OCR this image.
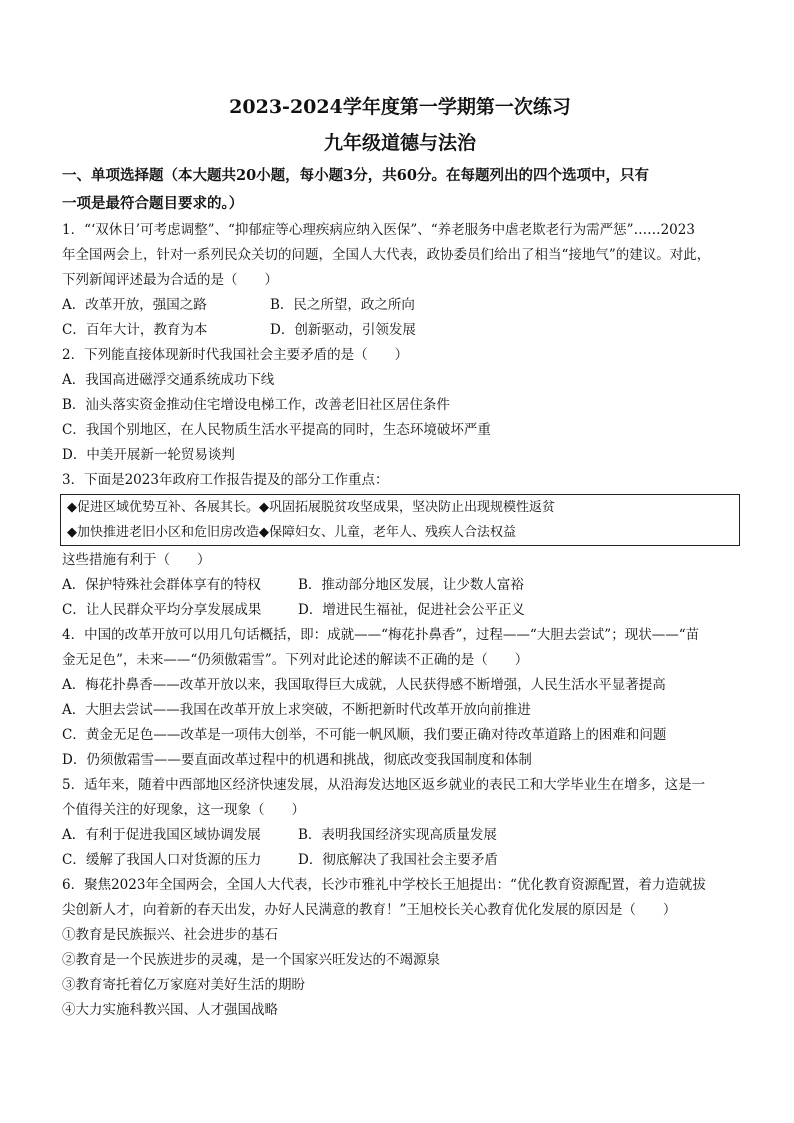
2023-2024学年度第一学期第一次练习
九年级道德与法治
一、单项选择题（本大题共20小题，每小题3分，共60分。在每题列出的四个选项中，只有
一项是最符合题目要求的。）
1．“‘双休日’可考虑调整”、“抑郁症等心理疾病应纳入医保”、“养老服务中虐老欺老行为需严惩”……2023
年全国两会上，针对一系列民众关切的问题，全国人大代表，政协委员们给出了相当“接地气”的建议。对此，
下列新闻评述最为合适的是（　　）
A．改革开放，强国之路	B．民之所望，政之所向
C．百年大计，教育为本	D．创新驱动，引领发展
2．下列能直接体现新时代我国社会主要矛盾的是（　　）
A．我国高进磁浮交通系统成功下线
B．汕头落实资金推动住宅增设电梯工作，改善老旧社区居住条件
C．我国个别地区，在人民物质生活水平提高的同时，生态环境破坏严重
D．中美开展新一轮贸易谈判
3．下面是2023年政府工作报告提及的部分工作重点：
◆促进区域优势互补、各展其长。◆巩固拓展脱贫攻坚成果，坚决防止出现规模性返贫
◆加快推进老旧小区和危旧房改造◆保障妇女、儿童，老年人、残疾人合法权益
这些措施有利于（　　）
A．保护特殊社会群体享有的特权	B．推动部分地区发展，让少数人富裕
C．让人民群众平均分享发展成果	D．增进民生福祉，促进社会公平正义
4．中国的改革开放可以用几句话概括，即：成就——“梅花扑鼻香”，过程——“大胆去尝试”；现状——“苗
金无足色”，未来——“仍须傲霜雪”。下列对此论述的解读不正确的是（　　）
A．梅花扑鼻香——改革开放以来，我国取得巨大成就，人民获得感不断增强，人民生活水平显著提高
A．大胆去尝试——我国在改革开放上求突破，不断把新时代改革开放向前推进
C．黄金无足色——改革是一项伟大创举，不可能一帆风顺，我们要正确对待改革道路上的困难和问题
D．仍须傲霜雪——要直面改革过程中的机遇和挑战，彻底改变我国制度和体制
5．适年来，随着中西部地区经济快速发展，从沿海发达地区返乡就业的表民工和大学毕业生在增多，这是一
个值得关注的好现象，这一现象（　　）
A．有利于促进我国区域协调发展	B．表明我国经济实现高质量发展
C．缓解了我国人口对货源的压力	D．彻底解决了我国社会主要矛盾
6．聚焦2023年全国两会，全国人大代表，长沙市雅礼中学校长王旭提出：“优化教育资源配置，着力造就拔
尖创新人才，向着新的春天出发，办好人民满意的教育！”王旭校长关心教育优化发展的原因是（　　）
①教育是民族振兴、社会进步的基石
②教育是一个民族进步的灵魂，是一个国家兴旺发达的不竭源泉
③教育寄托着亿万家庭对美好生活的期盼
④大力实施科教兴国、人才强国战略
